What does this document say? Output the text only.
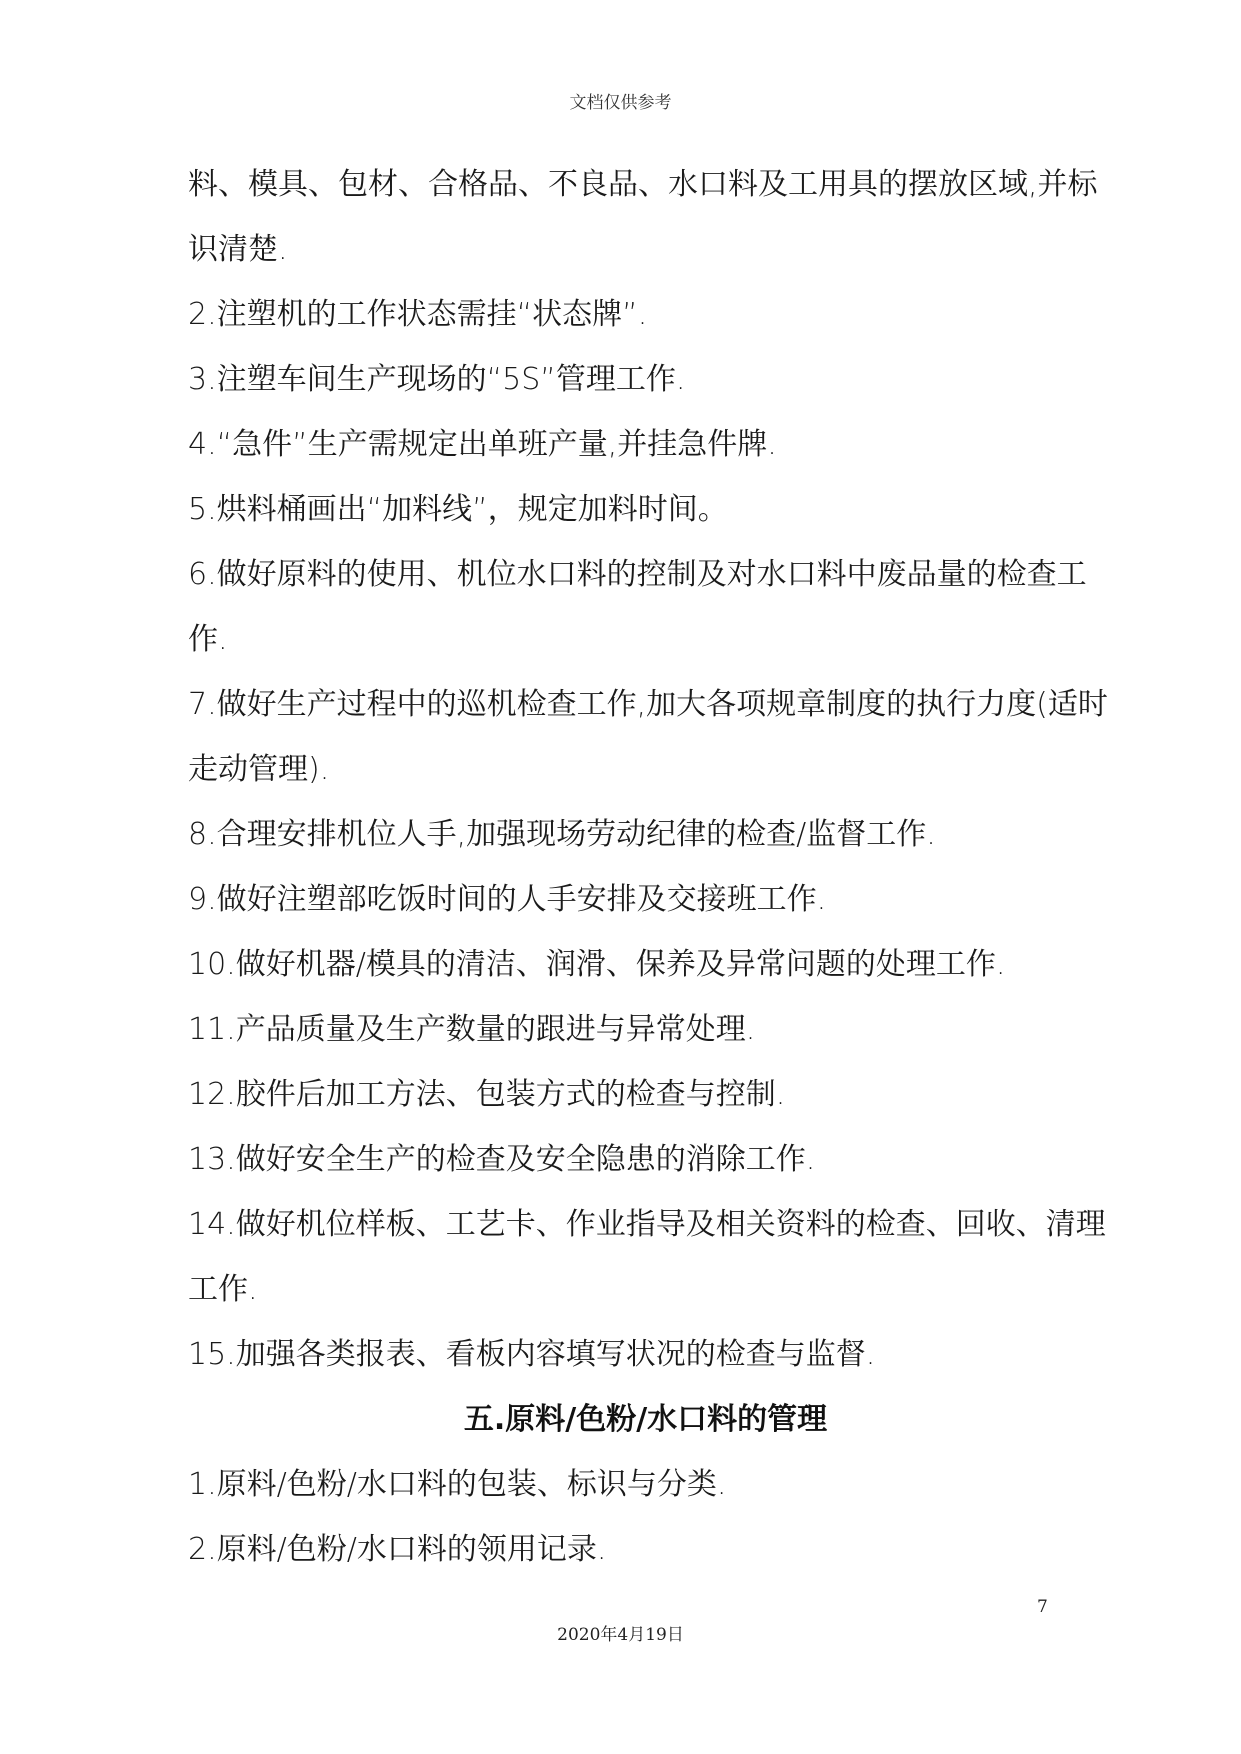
文档仅供参考
料、模具、包材、合格品、不良品、水口料及工用具的摆放区域,并标
识清楚.
2.注塑机的工作状态需挂“状态牌”.
3.注塑车间生产现场的“5S”管理工作.
4.“急件”生产需规定出单班产量,并挂急件牌.
5.烘料桶画出“加料线”，规定加料时间。
6.做好原料的使用、机位水口料的控制及对水口料中废品量的检查工
作.
7.做好生产过程中的巡机检查工作,加大各项规章制度的执行力度(适时
走动管理).
8.合理安排机位人手,加强现场劳动纪律的检查/监督工作.
9.做好注塑部吃饭时间的人手安排及交接班工作.
10.做好机器/模具的清洁、润滑、保养及异常问题的处理工作.
11.产品质量及生产数量的跟进与异常处理.
12.胶件后加工方法、包装方式的检查与控制.
13.做好安全生产的检查及安全隐患的消除工作.
14.做好机位样板、工艺卡、作业指导及相关资料的检查、回收、清理
工作.
15.加强各类报表、看板内容填写状况的检查与监督.
五.原料/色粉/水口料的管理
1.原料/色粉/水口料的包装、标识与分类.
2.原料/色粉/水口料的领用记录.
7
2020年4月19日
